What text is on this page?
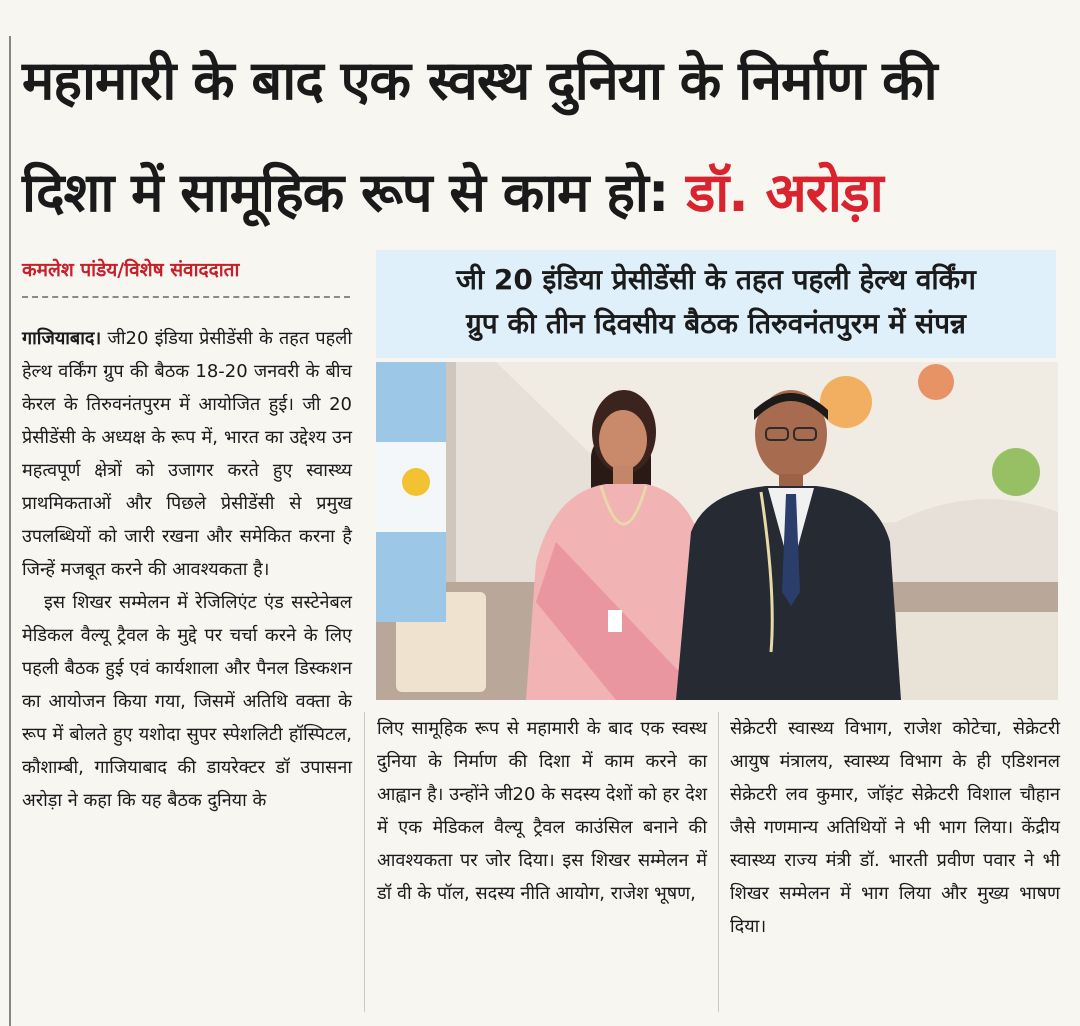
महामारी के बाद एक स्वस्थ दुनिया के निर्माण की
दिशा में सामूहिक रूप से काम हो: डॉ. अरोड़ा
कमलेश पांडेय/विशेष संवाददाता	जी 20 इंडिया प्रेसीडेंसी के तहत पहली हेल्थ वर्किंग
ग्रुप की तीन दिवसीय बैठक तिरुवनंतपुरम में संपन्न
गाजियाबाद। जी20 इंडिया प्रेसीडेंसी के तहत पहली हेल्थ वर्किंग ग्रुप की बैठक 18-20 जनवरी के बीच केरल के तिरुवनंतपुरम में आयोजित हुई। जी 20 प्रेसीडेंसी के अध्यक्ष के रूप में, भारत का उद्देश्य उन महत्वपूर्ण क्षेत्रों को उजागर करते हुए स्वास्थ्य प्राथमिकताओं और पिछले प्रेसीडेंसी से प्रमुख उपलब्धियों को जारी रखना और समेकित करना है जिन्हें मजबूत करने की आवश्यकता है।
इस शिखर सम्मेलन में रेजिलिएंट एंड सस्टेनेबल मेडिकल वैल्यू ट्रैवल के मुद्दे पर चर्चा करने के लिए पहली बैठक हुई एवं कार्यशाला और पैनल डिस्कशन का आयोजन किया गया, जिसमें अतिथि वक्ता के रूप में बोलते हुए यशोदा सुपर स्पेशलिटी हॉस्पिटल, कौशाम्बी, गाजियाबाद की डायरेक्टर डॉ उपासना अरोड़ा ने कहा कि यह बैठक दुनिया के
लिए सामूहिक रूप से महामारी के बाद एक स्वस्थ दुनिया के निर्माण की दिशा में काम करने का आह्वान है। उन्होंने जी20 के सदस्य देशों को हर देश में एक मेडिकल वैल्यू ट्रैवल काउंसिल बनाने की आवश्यकता पर जोर दिया। इस शिखर सम्मेलन में डॉ वी के पॉल, सदस्य नीति आयोग, राजेश भूषण,
सेक्रेटरी स्वास्थ्य विभाग, राजेश कोटेचा, सेक्रेटरी आयुष मंत्रालय, स्वास्थ्य विभाग के ही एडिशनल सेक्रेटरी लव कुमार, जॉइंट सेक्रेटरी विशाल चौहान जैसे गणमान्य अतिथियों ने भी भाग लिया। केंद्रीय स्वास्थ्य राज्य मंत्री डॉ. भारती प्रवीण पवार ने भी शिखर सम्मेलन में भाग लिया और मुख्य भाषण दिया।
